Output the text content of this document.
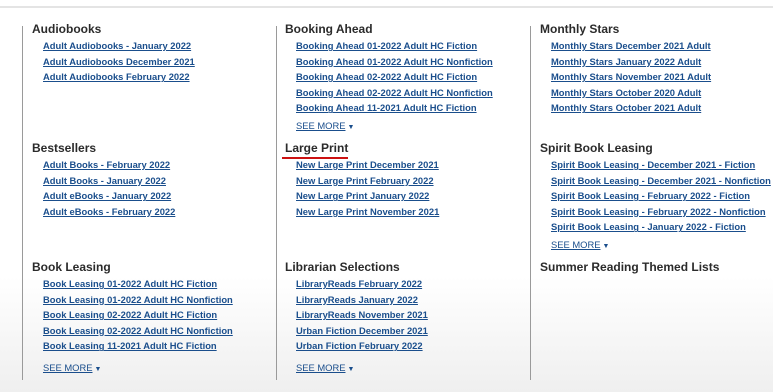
Audiobooks
Adult Audiobooks - January 2022
Adult Audiobooks December 2021
Adult Audiobooks February 2022
Bestsellers
Adult Books - February 2022
Adult Books - January 2022
Adult eBooks - January 2022
Adult eBooks - February 2022
Book Leasing
Book Leasing 01-2022 Adult HC Fiction
Book Leasing 01-2022 Adult HC Nonfiction
Book Leasing 02-2022 Adult HC Fiction
Book Leasing 02-2022 Adult HC Nonfiction
Book Leasing 11-2021 Adult HC Fiction
SEE MORE ▼
Booking Ahead
Booking Ahead 01-2022 Adult HC Fiction
Booking Ahead 01-2022 Adult HC Nonfiction
Booking Ahead 02-2022 Adult HC Fiction
Booking Ahead 02-2022 Adult HC Nonfiction
Booking Ahead 11-2021 Adult HC Fiction
SEE MORE ▼
Large Print
New Large Print December 2021
New Large Print February 2022
New Large Print January 2022
New Large Print November 2021
Librarian Selections
LibraryReads February 2022
LibraryReads January 2022
LibraryReads November 2021
Urban Fiction December 2021
Urban Fiction February 2022
SEE MORE ▼
Monthly Stars
Monthly Stars December 2021 Adult
Monthly Stars January 2022 Adult
Monthly Stars November 2021 Adult
Monthly Stars October 2020 Adult
Monthly Stars October 2021 Adult
Spirit Book Leasing
Spirit Book Leasing - December 2021 - Fiction
Spirit Book Leasing - December 2021 - Nonfiction
Spirit Book Leasing - February 2022 - Fiction
Spirit Book Leasing - February 2022 - Nonfiction
Spirit Book Leasing - January 2022 - Fiction
SEE MORE ▼
Summer Reading Themed Lists
